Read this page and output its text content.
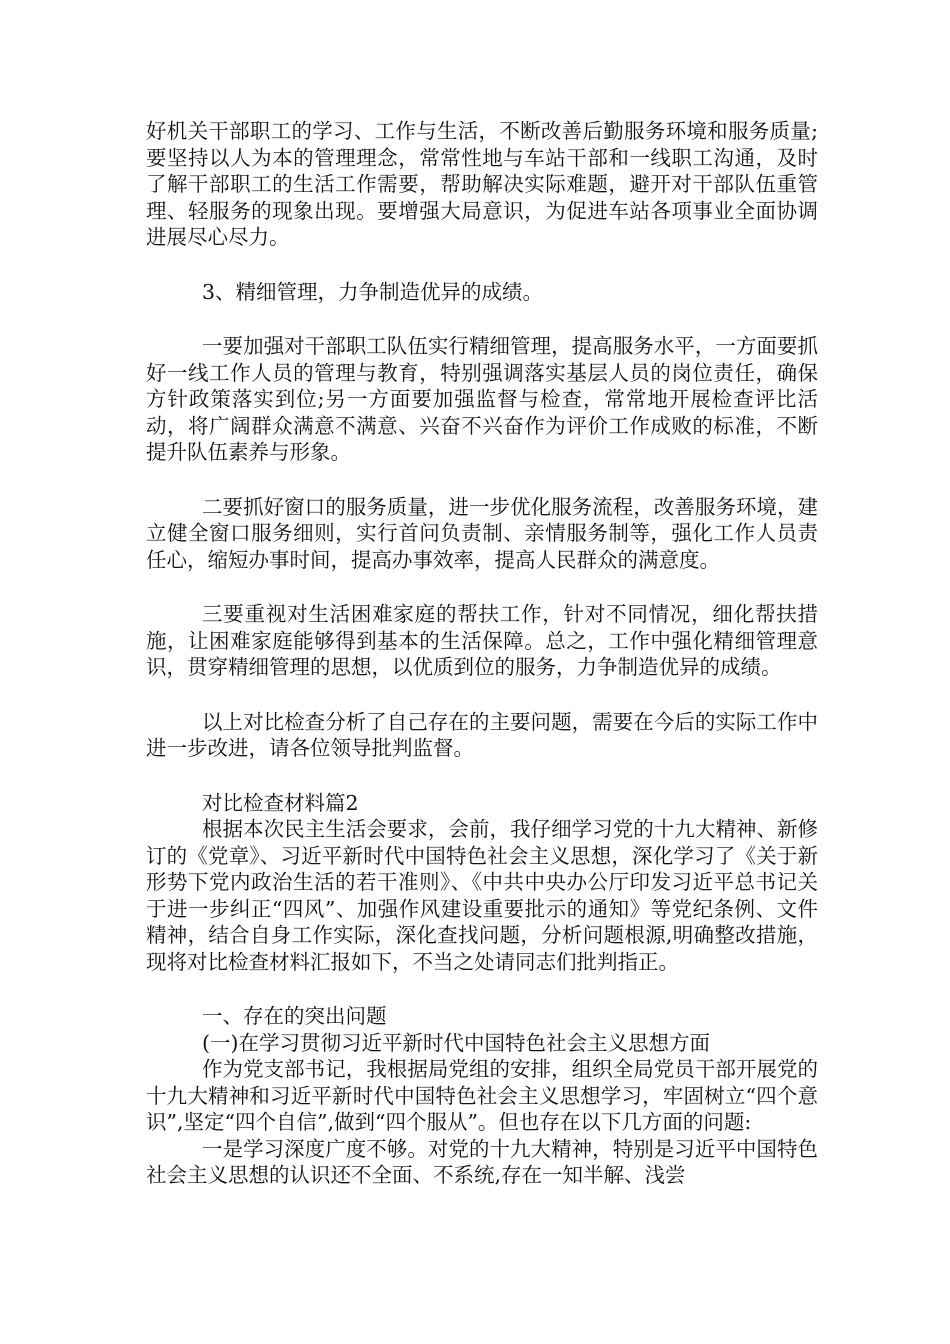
好机关干部职工的学习、工作与生活，不断改善后勤服务环境和服务质量;要坚持以人为本的管理理念，常常性地与车站干部和一线职工沟通，及时了解干部职工的生活工作需要，帮助解决实际难题，避开对干部队伍重管理、轻服务的现象出现。要增强大局意识，为促进车站各项事业全面协调进展尽心尽力。

3、精细管理，力争制造优异的成绩。

一要加强对干部职工队伍实行精细管理，提高服务水平，一方面要抓好一线工作人员的管理与教育，特别强调落实基层人员的岗位责任，确保方针政策落实到位;另一方面要加强监督与检查，常常地开展检查评比活动，将广阔群众满意不满意、兴奋不兴奋作为评价工作成败的标准，不断提升队伍素养与形象。

二要抓好窗口的服务质量，进一步优化服务流程，改善服务环境，建立健全窗口服务细则，实行首问负责制、亲情服务制等，强化工作人员责任心，缩短办事时间，提高办事效率，提高人民群众的满意度。

三要重视对生活困难家庭的帮扶工作，针对不同情况，细化帮扶措施，让困难家庭能够得到基本的生活保障。总之，工作中强化精细管理意识，贯穿精细管理的思想，以优质到位的服务，力争制造优异的成绩。

以上对比检查分析了自己存在的主要问题，需要在今后的实际工作中进一步改进，请各位领导批判监督。

对比检查材料篇2

根据本次民主生活会要求，会前，我仔细学习党的十九大精神、新修订的《党章》、习近平新时代中国特色社会主义思想，深化学习了《关于新形势下党内政治生活的若干准则》、《中共中央办公厅印发习近平总书记关于进一步纠正“四风”、加强作风建设重要批示的通知》等党纪条例、文件精神，结合自身工作实际，深化查找问题，分析问题根源,明确整改措施，现将对比检查材料汇报如下，不当之处请同志们批判指正。

一、存在的突出问题

(一)在学习贯彻习近平新时代中国特色社会主义思想方面

作为党支部书记，我根据局党组的安排，组织全局党员干部开展党的十九大精神和习近平新时代中国特色社会主义思想学习，牢固树立“四个意识”,坚定“四个自信”,做到“四个服从”。但也存在以下几方面的问题:

一是学习深度广度不够。对党的十九大精神，特别是习近平中国特色社会主义思想的认识还不全面、不系统,存在一知半解、浅尝
